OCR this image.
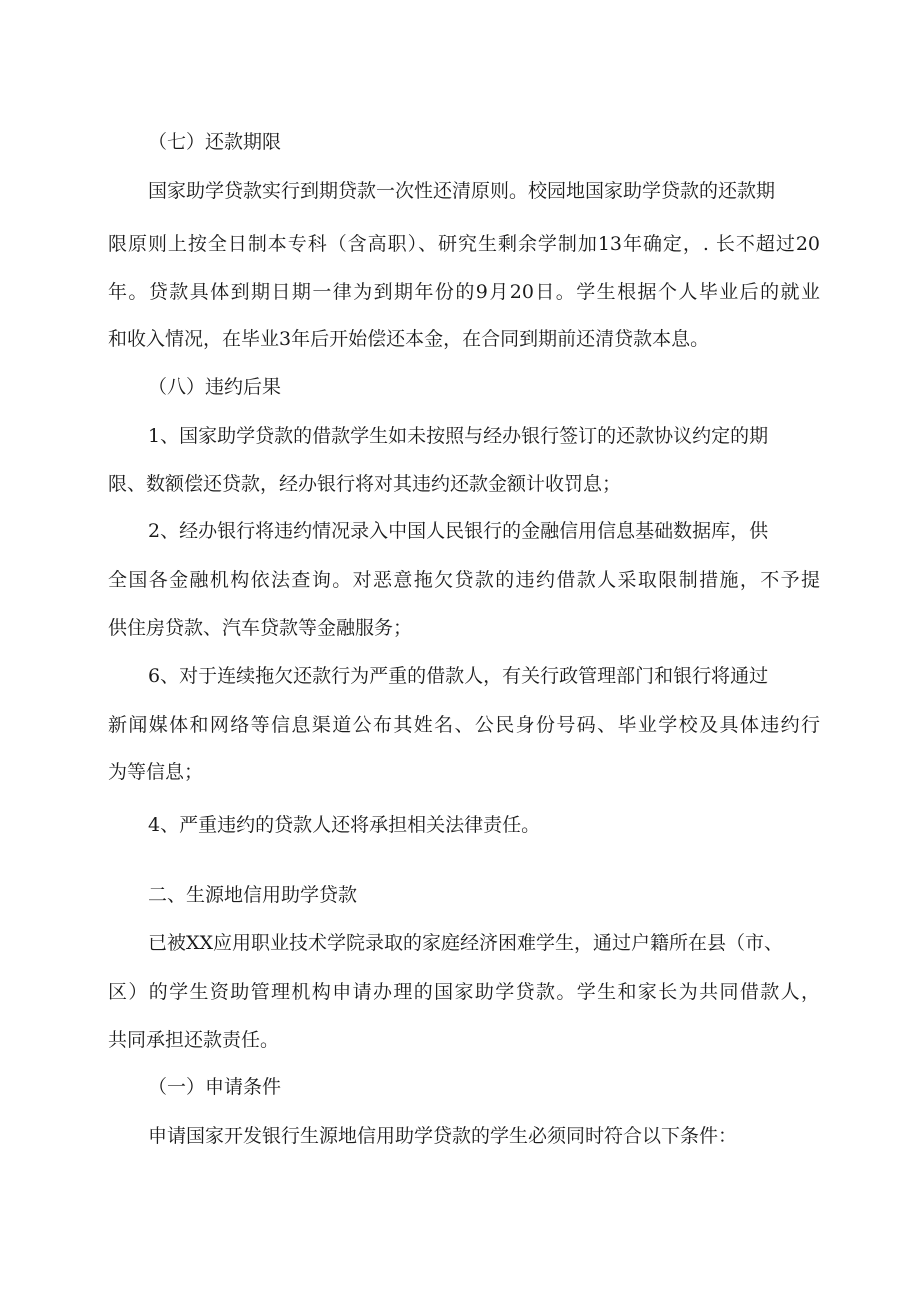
（七）还款期限
国家助学贷款实行到期贷款一次性还清原则。校园地国家助学贷款的还款期
限原则上按全日制本专科（含高职）、研究生剩余学制加13年确定，. 长不超过20
年。贷款具体到期日期一律为到期年份的9月20日。学生根据个人毕业后的就业
和收入情况，在毕业3年后开始偿还本金，在合同到期前还清贷款本息。
（八）违约后果
1、国家助学贷款的借款学生如未按照与经办银行签订的还款协议约定的期
限、数额偿还贷款，经办银行将对其违约还款金额计收罚息；
2、经办银行将违约情况录入中国人民银行的金融信用信息基础数据库，供
全国各金融机构依法查询。对恶意拖欠贷款的违约借款人采取限制措施，不予提
供住房贷款、汽车贷款等金融服务；
6、对于连续拖欠还款行为严重的借款人，有关行政管理部门和银行将通过
新闻媒体和网络等信息渠道公布其姓名、公民身份号码、毕业学校及具体违约行
为等信息；
4、严重违约的贷款人还将承担相关法律责任。
二、生源地信用助学贷款
已被XX应用职业技术学院录取的家庭经济困难学生，通过户籍所在县（市、
区）的学生资助管理机构申请办理的国家助学贷款。学生和家长为共同借款人，
共同承担还款责任。
（一）申请条件
申请国家开发银行生源地信用助学贷款的学生必须同时符合以下条件：
